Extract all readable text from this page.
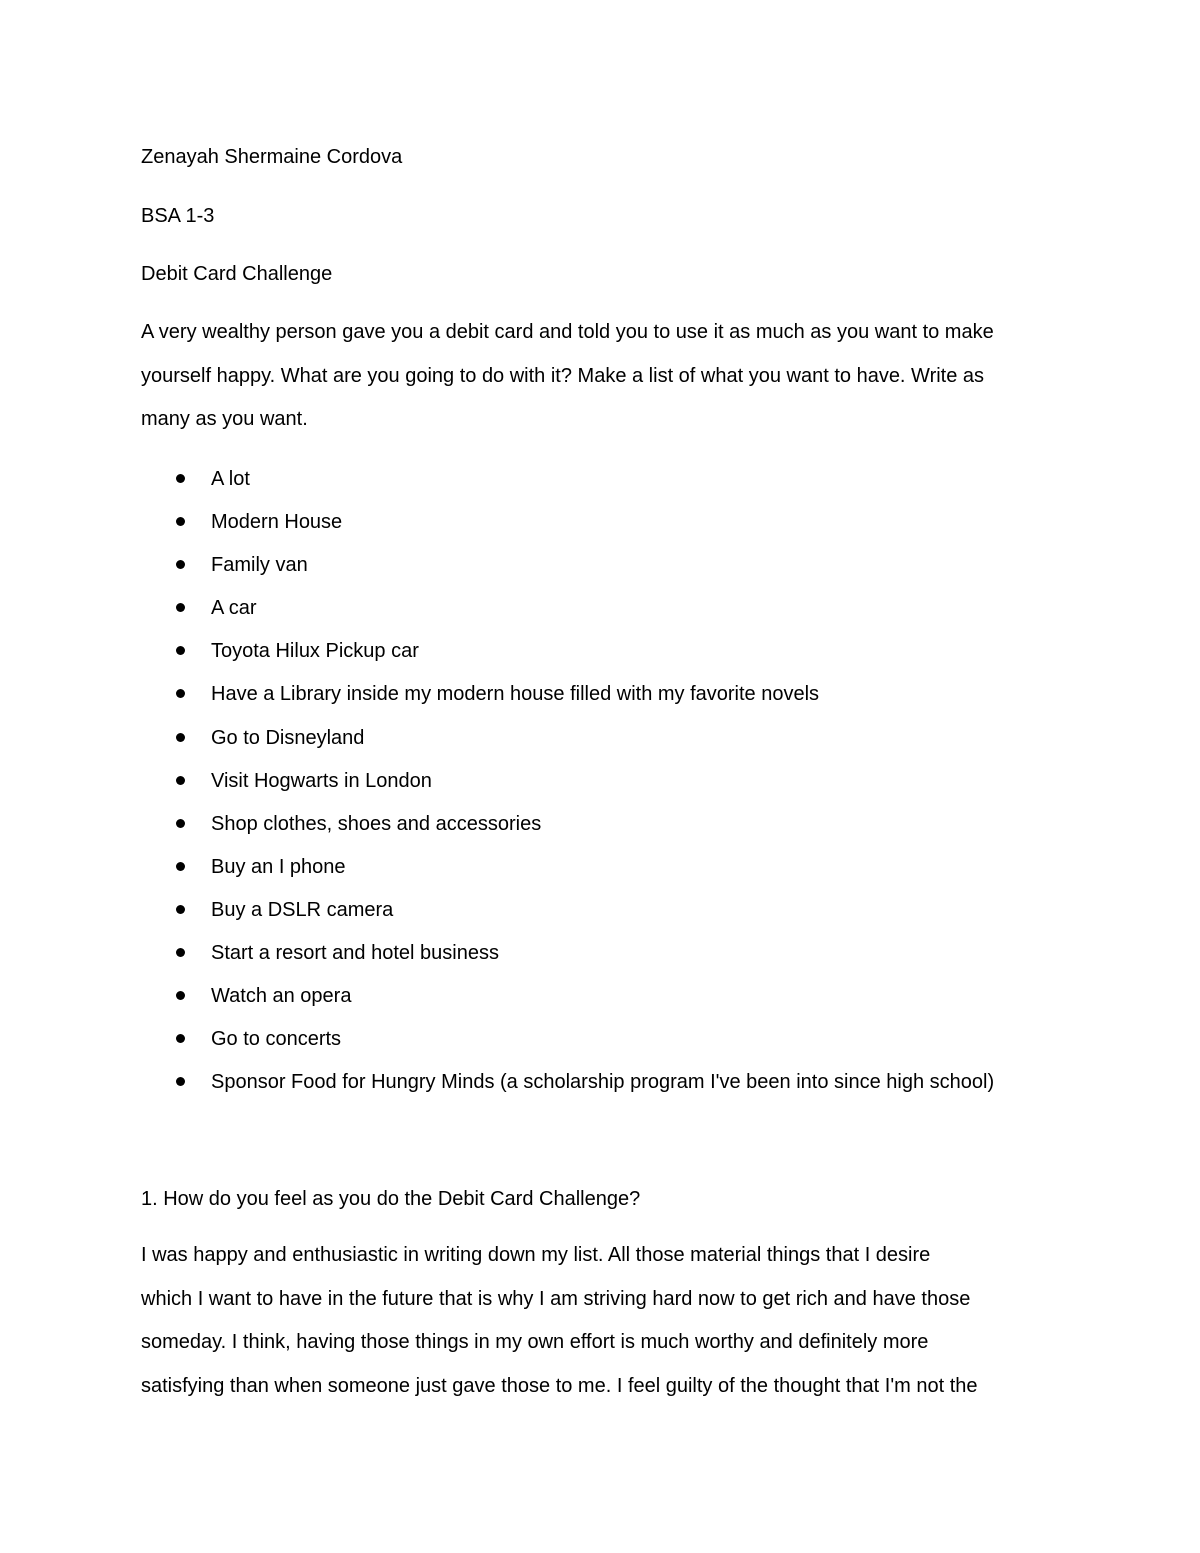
Zenayah Shermaine Cordova
BSA 1-3
Debit Card Challenge
A very wealthy person gave you a debit card and told you to use it as much as you want to make
yourself happy. What are you going to do with it? Make a list of what you want to have. Write as
many as you want.
A lot
Modern House
Family van
A car
Toyota Hilux Pickup car
Have a Library inside my modern house filled with my favorite novels
Go to Disneyland
Visit Hogwarts in London
Shop clothes, shoes and accessories
Buy an I phone
Buy a DSLR camera
Start a resort and hotel business
Watch an opera
Go to concerts
Sponsor Food for Hungry Minds (a scholarship program I've been into since high school)
1. How do you feel as you do the Debit Card Challenge?
I was happy and enthusiastic in writing down my list. All those material things that I desire
which I want to have in the future that is why I am striving hard now to get rich and have those
someday. I think, having those things in my own effort is much worthy and definitely more
satisfying than when someone just gave those to me. I feel guilty of the thought that I'm not the
